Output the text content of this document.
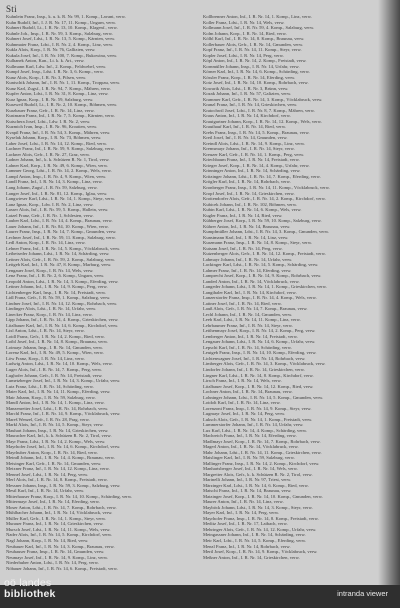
Sti
Kuhnlein Franz, Insp., k. u. k. R. Nr. 99, 1. Komp., Lavant, verw.
Kuhn Rudolf, Inf., I. J. R. Nr. 17, 11. Komp., Ungarn, verw.
Kuhnert Rudolf, Lt., I. R. Nr. 13, 10. Komp., Klagenf., verw.
Kuhnle Joh., Insp., I. R. Nr. 59, 3. Komp., Salzburg, verw.
Kuhnert Josef, Ldst., I. R. Nr. 13, 5. Komp., Kärnten, verw.
Kuhnmaier Franz, Ldst., I. R. Nr. 2, 4. Komp., Linz, verw.
Kukla Alois, Korp., I. R. Nr. 76, Gallizien, verw.
Kukula Josef, Inf., I. R. Nr. 100, 7. Komp., Bukowina, verw.
Kulhanek Anton, Kan., Lt. k. k. Art., verw.
Kullmann Karl, Ldw. Inf., 2. Komp., Feldwebel, verw.
Kumpf Josef, Insp., Ldst. I. R. Nr. 3, 6. Komp., verw.
Kunz Alois, Korp., I. R. Nr. 3, Pilsen, verw.
Kuntschik Johann, Inf., I. R. Nr. 1, 11. Komp., Troppau, verw.
Kunz Karl, Zugsf., I. R. Nr. 94, 7. Komp., Mähren, verw.
Kupfer Anton, Ldst., I. R. Nr. 31, 8. Komp., Linz, verw.
Kurz Ignaz, Korp., I. R. Nr. 59, Salzburg, verw.
Kurzweil Rudolf, Lt., I. R. Nr. 2, 10. Komp., Böhmen, verw.
Kurzbauer Franz, Gefr., I. R. Nr. 14, Linz, verw.
Kustmann Franz, Inf., I. R. Nr. 7, 5. Komp., Kärnten, verw.
Kutschera Josef, Ldst., Ldw. I. R. Nr. 2, verw.
Kuzmich Ivan, Insp., I. R. Nr. 96, Kroatien, verw.
Kvapil Franz, Inf., I. R. Nr. 54, 3. Komp., Mähren, verw.
Kyselak Johann, Korp., I. R. Nr. 73, Böhmen, verw.
Laber Josef, Ldst., I. R. Nr. 14, 12. Komp., Ried, verw.
Lachner Franz, Inf., I. R. Nr. 59, 9. Komp., Salzburg, verw.
Lackner Alois, Gefr., I. R. Nr. 27, Graz, verw.
Ladner Johann, Inf., k. k. Schützen R. Nr. 1, Tirol, verw.
Lahner Karl, Korp., I. R. Nr. 49, 6. Komp., Wien, verw.
Lammer Georg, Ldst., I. R. Nr. 14, 2. Komp., Wels, verw.
Lampl Anton, Insp., I. R. Nr. 4, 9. Komp., Wien, verw.
Landl Franz, Inf., I. R. Nr. 14, 3. Komp., Linz, verw.
Lang Johann, Zugsf., I. R. Nr. 59, Salzburg, verw.
Langer Josef, Inf., I. R. Nr. 81, 12. Komp., Iglau, verw.
Langwieser Karl, Ldst., I. R. Nr. 14, 1. Komp., Steyr, verw.
Lanz Ignaz, Korp., Ldw. I. R. Nr. 2, Linz, verw.
Lasser Alois, Inf., I. R. Nr. 59, 5. Komp., Hallein, verw.
Latzel Franz, Gefr., I. R. Nr. 1, Schlesien, verw.
Lauber Karl, Ldst., I. R. Nr. 14, 4. Komp., Braunau, verw.
Lauer Johann, Inf., I. R. Nr. 84, 10. Komp., Wien, verw.
Laurer Franz, Insp., I. R. Nr. 14, 7. Komp., Gmunden, verw.
Lechner Josef, Inf., I. R. Nr. 59, 11. Komp., Salzburg, verw.
Ledl Anton, Korp., I. R. Nr. 14, Linz, verw.
Lehner Franz, Inf., I. R. Nr. 14, 5. Komp., Vöcklabruck, verw.
Leibetseder Johann, Ldst., I. R. Nr. 14, Schärding, verw.
Leitner Alois, Gefr., I. R. Nr. 59, 2. Komp., Salzburg, verw.
Leitgeb Karl, Inf., I. R. Nr. 47, 8. Komp., Marburg, verw.
Lengauer Josef, Korp., I. R. Nr. 14, Wels, verw.
Lenz Franz, Inf., I. R. Nr. 2, 6. Komp., Ungarn, verw.
Leopold Anton, Ldst., I. R. Nr. 14, 3. Komp., Eferding, verw.
Lettner Johann, Inf., I. R. Nr. 14, 9. Komp., Perg, verw.
Lichtenberger Karl, Insp., I. R. Nr. 14, Freistadt, verw.
Lidl Franz, Gefr., I. R. Nr. 59, 1. Komp., Salzburg, verw.
Lindner Josef, Inf., I. R. Nr. 14, 12. Komp., Rohrbach, verw.
Lindinger Alois, Ldst., I. R. Nr. 14, Urfahr, verw.
Linecker Franz, Korp., I. R. Nr. 14, Linz, verw.
Lipp Johann, Inf., I. R. Nr. 14, 4. Komp., Grieskirchen, verw.
Litzlbauer Karl, Inf., I. R. Nr. 14, 6. Komp., Kirchdorf, verw.
Lixl Anton, Ldst., I. R. Nr. 14, Steyr, verw.
Loidl Franz, Gefr., I. R. Nr. 14, 2. Komp., Ried, verw.
Loibl Josef, Inf., I. R. Nr. 14, 8. Komp., Braunau, verw.
Loimayr Johann, Insp., I. R. Nr. 14, Gmunden, verw.
Lorenz Karl, Inf., I. R. Nr. 49, 5. Komp., Wien, verw.
Löw Franz, Korp., I. R. Nr. 14, Linz, verw.
Ludwig Anton, Ldst., I. R. Nr. 14, 10. Komp., Wels, verw.
Luger Alois, Inf., I. R. Nr. 14, 7. Komp., Perg, verw.
Lughofer Johann, Gefr., I. R. Nr. 14, Freistadt, verw.
Lumetzberger Josef, Inf., I. R. Nr. 14, 3. Komp., Urfahr, verw.
Lutz Franz, Ldst., I. R. Nr. 14, Schärding, verw.
Maier Karl, Inf., I. R. Nr. 14, 11. Komp., Eferding, verw.
Mair Johann, Korp., I. R. Nr. 59, Salzburg, verw.
Mandl Anton, Inf., I. R. Nr. 14, 1. Komp., Linz, verw.
Manzenreiter Josef, Ldst., I. R. Nr. 14, Rohrbach, verw.
Marchl Franz, Inf., I. R. Nr. 14, 9. Komp., Vöcklabruck, verw.
Mareš Wenzel, Gefr., I. R. Nr. 28, Prag, verw.
Markl Alois, Inf., I. R. Nr. 14, 5. Komp., Steyr, verw.
Mauhart Johann, Insp., I. R. Nr. 14, Grieskirchen, verw.
Mauracher Karl, Inf., k. k. Schützen R. Nr. 2, Tirol, verw.
Mayr Franz, Ldst., I. R. Nr. 14, 2. Komp., Wels, verw.
Mayrhofer Josef, Inf., I. R. Nr. 14, 6. Komp., Kirchdorf, verw.
Mayrhuber Anton, Korp., I. R. Nr. 14, Ried, verw.
Meindl Johann, Inf., I. R. Nr. 14, 4. Komp., Braunau, verw.
Meisinger Karl, Gefr., I. R. Nr. 14, Gmunden, verw.
Meixner Franz, Inf., I. R. Nr. 14, 12. Komp., Linz, verw.
Mennel Josef, Ldst., I. R. Nr. 14, Perg, verw.
Merl Alois, Inf., I. R. Nr. 14, 8. Komp., Freistadt, verw.
Messner Johann, Insp., I. R. Nr. 59, 3. Komp., Salzburg, verw.
Mestl Karl, Inf., I. R. Nr. 14, Urfahr, verw.
Mitterhauser Franz, Korp., I. R. Nr. 14, 10. Komp., Schärding, verw.
Mittermayr Josef, Inf., I. R. Nr. 14, Eferding, verw.
Moser Anton, Ldst., I. R. Nr. 14, 7. Komp., Rohrbach, verw.
Mühlbacher Johann, Inf., I. R. Nr. 14, Vöcklabruck, verw.
Müller Karl, Gefr., I. R. Nr. 14, 1. Komp., Steyr, verw.
Murauer Franz, Inf., I. R. Nr. 14, Grieskirchen, verw.
Mursch Josef, Ldst., I. R. Nr. 14, 11. Komp., Wels, verw.
Nader Alois, Inf., I. R. Nr. 14, 5. Komp., Kirchdorf, verw.
Nagl Johann, Korp., I. R. Nr. 14, Ried, verw.
Neubauer Karl, Inf., I. R. Nr. 14, 3. Komp., Braunau, verw.
Neuhauser Franz, Insp., I. R. Nr. 14, Gmunden, verw.
Neumayr Josef, Inf., I. R. Nr. 14, 9. Komp., Linz, verw.
Niederhuber Anton, Ldst., I. R. Nr. 14, Perg, verw.
Nöbauer Johann, Inf., I. R. Nr. 14, 6. Komp., Freistadt, verw.
Kollbrenner Anton, Inf., I. R. Nr. 14, 1. Komp., Linz, verw.
Koller Franz, Ldst., I. R. Nr. 14, Wels, verw.
Kollmann Josef, Inf., I. R. Nr. 59, 4. Komp., Salzburg, verw.
Kolm Johann, Korp., I. R. Nr. 14, Ried, verw.
Kölbl Karl, Inf., I. R. Nr. 14, 8. Komp., Braunau, verw.
Kollerbauer Alois, Gefr., I. R. Nr. 14, Gmunden, verw.
Kopf Franz, Inf., I. R. Nr. 14, 11. Komp., Steyr, verw.
Kopler Josef, Ldst., I. R. Nr. 14, Perg, verw.
Köpl Anton, Inf., I. R. Nr. 14, 2. Komp., Freistadt, verw.
Kornmüller Johann, Insp., I. R. Nr. 14, Urfahr, verw.
Körner Karl, Inf., I. R. Nr. 14, 6. Komp., Schärding, verw.
Kössler Franz, Korp., I. R. Nr. 14, Eferding, verw.
Kotz Josef, Inf., I. R. Nr. 14, 10. Komp., Rohrbach, verw.
Kowarik Alois, Ldst., I. R. Nr. 3, Brünn, verw.
Kozak Johann, Inf., I. R. Nr. 57, Galizien, verw.
Krammer Karl, Gefr., I. R. Nr. 14, 3. Komp., Vöcklabruck, verw.
Kranzl Franz, Inf., I. R. Nr. 14, Grieskirchen, verw.
Kratochwil Josef, Ldst., I. R. Nr. 8, 7. Komp., Mähren, verw.
Kraus Anton, Inf., I. R. Nr. 14, Kirchdorf, verw.
Krautgartner Johann, Korp., I. R. Nr. 14, 12. Komp., Wels, verw.
Krauthauf Karl, Inf., I. R. Nr. 14, Ried, verw.
Krebs Franz, Insp., I. R. Nr. 14, 5. Komp., Braunau, verw.
Kreil Josef, Inf., I. R. Nr. 14, Gmunden, verw.
Kreindl Alois, Ldst., I. R. Nr. 14, 9. Komp., Linz, verw.
Kremsmayr Johann, Inf., I. R. Nr. 14, Steyr, verw.
Kreuzer Karl, Gefr., I. R. Nr. 14, 1. Komp., Perg, verw.
Kriechbaum Franz, Inf., I. R. Nr. 14, Freistadt, verw.
Krieger Josef, Korp., I. R. Nr. 14, 4. Komp., Urfahr, verw.
Krinninger Anton, Inf., I. R. Nr. 14, Schärding, verw.
Kritzinger Johann, Ldst., I. R. Nr. 14, 7. Komp., Eferding, verw.
Krögler Karl, Inf., I. R. Nr. 14, Rohrbach, verw.
Kronberger Franz, Insp., I. R. Nr. 14, 11. Komp., Vöcklabruck, verw.
Kropf Josef, Inf., I. R. Nr. 14, Grieskirchen, verw.
Krottendorfer Alois, Gefr., I. R. Nr. 14, 2. Komp., Kirchdorf, verw.
Kubicek Johann, Inf., I. R. Nr. 102, Böhmen, verw.
Kubin Karl, Ldst., I. R. Nr. 14, 6. Komp., Wels, verw.
Kugler Franz, Inf., I. R. Nr. 14, Ried, verw.
Kühberger Josef, Korp., I. R. Nr. 59, 10. Komp., Salzburg, verw.
Kührer Anton, Inf., I. R. Nr. 14, Braunau, verw.
Kumpfmüller Johann, Ldst., I. R. Nr. 14, 3. Komp., Gmunden, verw.
Kunstmann Karl, Inf., I. R. Nr. 14, Linz, verw.
Kurzmann Franz, Insp., I. R. Nr. 14, 8. Komp., Steyr, verw.
Kutsam Josef, Inf., I. R. Nr. 14, Perg, verw.
Kutzenberger Alois, Gefr., I. R. Nr. 14, 12. Komp., Freistadt, verw.
Labmayr Johann, Inf., I. R. Nr. 14, Urfahr, verw.
Lackinger Karl, Ldst., I. R. Nr. 14, 5. Komp., Schärding, verw.
Lahmer Franz, Inf., I. R. Nr. 14, Eferding, verw.
Lamprecht Josef, Korp., I. R. Nr. 14, 9. Komp., Rohrbach, verw.
Landerl Anton, Inf., I. R. Nr. 14, Vöcklabruck, verw.
Langeder Johann, Ldst., I. R. Nr. 14, 1. Komp., Grieskirchen, verw.
Langthaler Karl, Inf., I. R. Nr. 14, Kirchdorf, verw.
Lanzerstorfer Franz, Insp., I. R. Nr. 14, 4. Komp., Wels, verw.
Lattner Josef, Inf., I. R. Nr. 14, Ried, verw.
Lauß Alois, Gefr., I. R. Nr. 14, 7. Komp., Braunau, verw.
Lechl Johann, Inf., I. R. Nr. 14, Gmunden, verw.
Leeb Karl, Ldst., I. R. Nr. 14, 11. Komp., Linz, verw.
Lehrbaumer Franz, Inf., I. R. Nr. 14, Steyr, verw.
Leithenmayr Josef, Korp., I. R. Nr. 14, 2. Komp., Perg, verw.
Lemberger Anton, Inf., I. R. Nr. 14, Freistadt, verw.
Lengauer Johann, Ldst., I. R. Nr. 14, 6. Komp., Urfahr, verw.
Lepschi Karl, Inf., I. R. Nr. 14, Schärding, verw.
Leutgeb Franz, Insp., I. R. Nr. 14, 10. Komp., Eferding, verw.
Lichtenwagner Josef, Inf., I. R. Nr. 14, Rohrbach, verw.
Limberger Alois, Gefr., I. R. Nr. 14, 3. Komp., Vöcklabruck, verw.
Lindorfer Johann, Inf., I. R. Nr. 14, Grieskirchen, verw.
Lingner Karl, Ldst., I. R. Nr. 14, 8. Komp., Kirchdorf, verw.
Lirsch Franz, Inf., I. R. Nr. 14, Wels, verw.
Litzlbauer Josef, Korp., I. R. Nr. 14, 12. Komp., Ried, verw.
Lochner Anton, Inf., I. R. Nr. 14, Braunau, verw.
Lohninger Johann, Ldst., I. R. Nr. 14, 5. Komp., Gmunden, verw.
Loidolt Karl, Inf., I. R. Nr. 14, Linz, verw.
Lorenzoni Franz, Insp., I. R. Nr. 14, 9. Komp., Steyr, verw.
Lugmayr Josef, Inf., I. R. Nr. 14, Perg, verw.
Luksch Alois, Gefr., I. R. Nr. 14, 1. Komp., Freistadt, verw.
Lummerstorfer Johann, Inf., I. R. Nr. 14, Urfahr, verw.
Lux Karl, Ldst., I. R. Nr. 14, 4. Komp., Schärding, verw.
Machreich Franz, Inf., I. R. Nr. 14, Eferding, verw.
Madlmayr Josef, Korp., I. R. Nr. 14, 7. Komp., Rohrbach, verw.
Magerl Anton, Inf., I. R. Nr. 14, Vöcklabruck, verw.
Mahr Johann, Ldst., I. R. Nr. 14, 11. Komp., Grieskirchen, verw.
Maislinger Karl, Inf., I. R. Nr. 59, Salzburg, verw.
Mallinger Franz, Insp., I. R. Nr. 14, 2. Komp., Kirchdorf, verw.
Manhartsberger Josef, Inf., I. R. Nr. 14, Wels, verw.
Margreiter Alois, Gefr., k. k. Schützen R. Nr. 2, Tirol, verw.
Marinelli Johann, Inf., I. R. Nr. 97, Triest, verw.
Märzinger Karl, Ldst., I. R. Nr. 14, 6. Komp., Ried, verw.
Matschi Franz, Inf., I. R. Nr. 14, Braunau, verw.
Matzinger Josef, Korp., I. R. Nr. 14, 10. Komp., Gmunden, verw.
Maurer Anton, Inf., I. R. Nr. 14, Linz, verw.
Mayböck Johann, Ldst., I. R. Nr. 14, 3. Komp., Steyr, verw.
Mayer Karl, Inf., I. R. Nr. 14, Perg, verw.
Mayrhofer Franz, Insp., I. R. Nr. 14, 8. Komp., Freistadt, verw.
Meditz Josef, Inf., I. R. Nr. 17, Laibach, verw.
Mehringer Alois, Gefr., I. R. Nr. 14, 12. Komp., Urfahr, verw.
Meingassner Johann, Inf., I. R. Nr. 14, Schärding, verw.
Meir Karl, Ldst., I. R. Nr. 14, 5. Komp., Eferding, verw.
Menzl Franz, Inf., I. R. Nr. 14, Rohrbach, verw.
Mertl Josef, Korp., I. R. Nr. 14, 9. Komp., Vöcklabruck, verw.
Meßner Anton, Inf., I. R. Nr. 14, Grieskirchen, verw.
oö landes
bibliothek	intranda viewer
